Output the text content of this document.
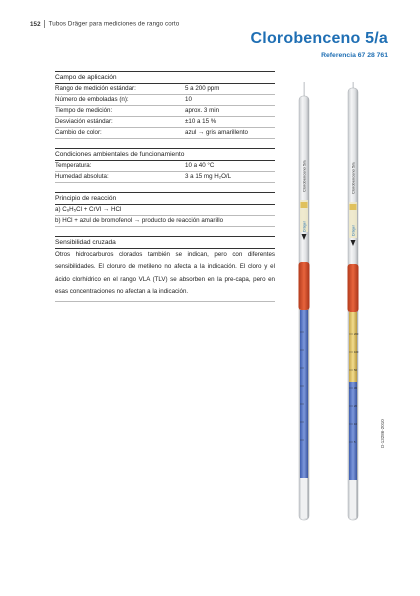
152 Tubos Dräger para mediciones de rango corto
Clorobenceno 5/a
Referencia 67 28 761
Campo de aplicación
Rango de medición estándar:	5 a 200 ppm
Número de emboladas (n):	10
Tiempo de medición:	aprox. 3 min
Desviación estándar:	±10 a 15 %
Cambio de color:	azul → gris amarillento
Condiciones ambientales de funcionamiento
Temperatura:	10 a 40 °C
Humedad absoluta:	3 a 15 mg H₂O/L
Principio de reacción
a) C₆H₅Cl + CrVI → HCl
b) HCl + azul de bromofenol → producto de reacción amarillo
Sensibilidad cruzada
Otros hidrocarburos clorados también se indican, pero con diferentes sensibilidades. El cloruro de metileno no afecta a la indicación. El cloro y el ácido clorhídrico en el rango VLA (TLV) se absorben en la pre-capa, pero en esas concentraciones no afectan a la indicación.
Clorobenceno 5/a	Clorobenceno 5/a
Dräger	Dräger
200
100
50
30
20
10
5	D-13286-2010
